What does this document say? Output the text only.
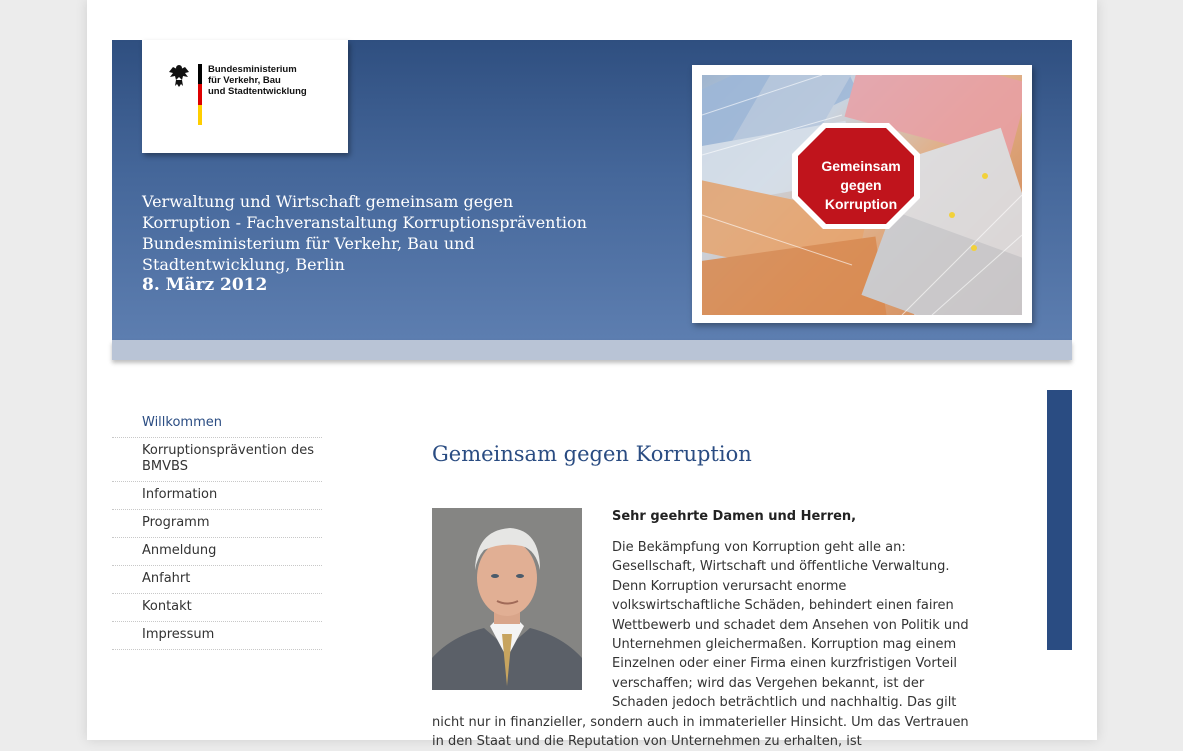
Bundesministerium
für Verkehr, Bau
und Stadtentwicklung
Verwaltung und Wirtschaft gemeinsam gegen
Korruption - Fachveranstaltung Korruptionsprävention
Bundesministerium für Verkehr, Bau und
Stadtentwicklung, Berlin
8. März 2012
Gemeinsam
gegen
Korruption
Willkommen
Korruptionsprävention des BMVBS
Information
Programm
Anmeldung
Anfahrt
Kontakt
Impressum
Gemeinsam gegen Korruption
Sehr geehrte Damen und Herren,
Die Bekämpfung von Korruption geht alle an: Gesellschaft, Wirtschaft und öffentliche Verwaltung. Denn Korruption verursacht enorme volkswirtschaftliche Schäden, behindert einen fairen Wettbewerb und schadet dem Ansehen von Politik und Unternehmen gleichermaßen. Korruption mag einem Einzelnen oder einer Firma einen kurzfristigen Vorteil verschaffen; wird das Vergehen bekannt, ist der Schaden jedoch beträchtlich und nachhaltig. Das gilt nicht nur in finanzieller, sondern auch in immaterieller Hinsicht. Um das Vertrauen in den Staat und die Reputation von Unternehmen zu erhalten, ist
